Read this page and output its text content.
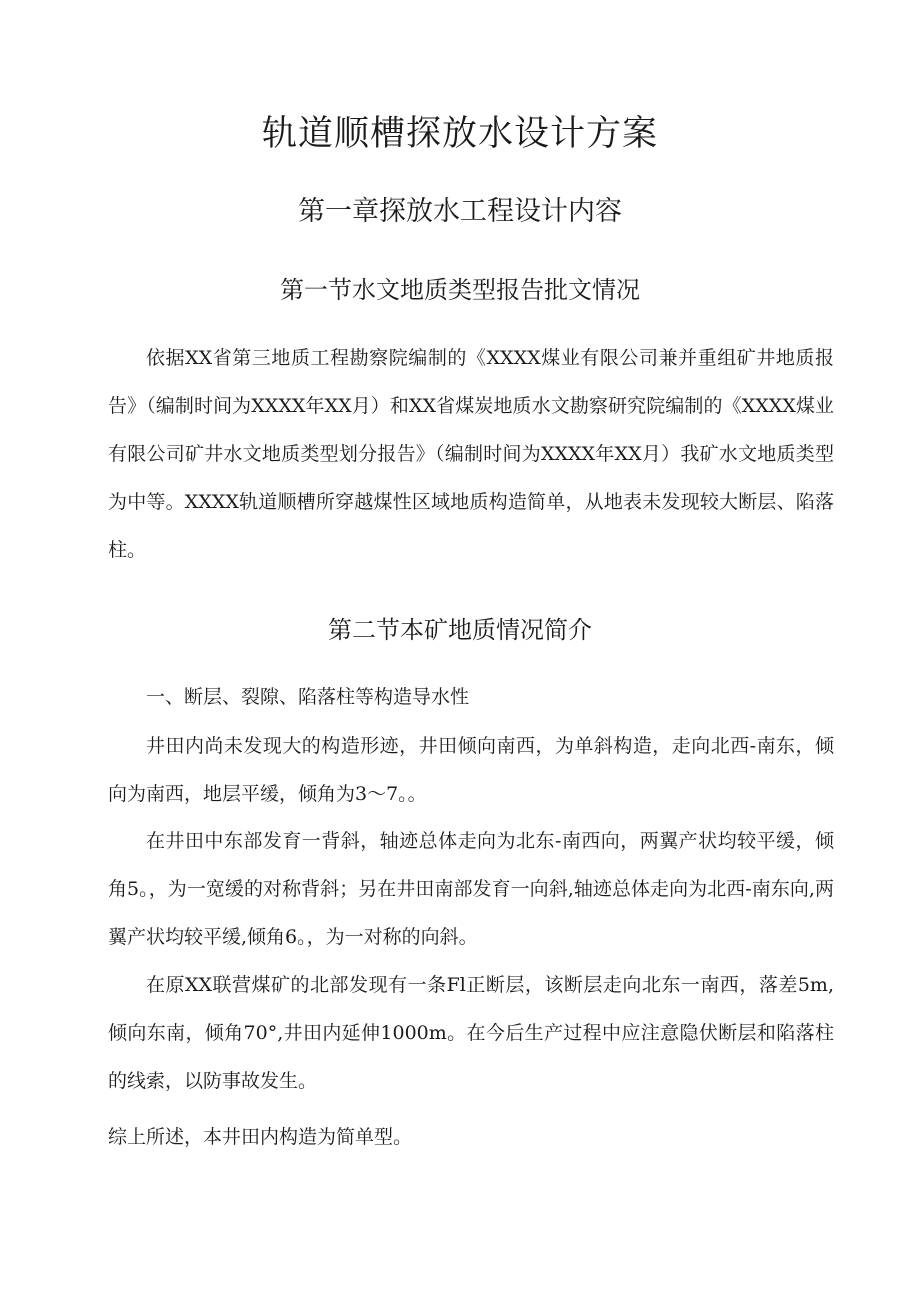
轨道顺槽探放水设计方案
第一章探放水工程设计内容
第一节水文地质类型报告批文情况

依据XX省第三地质工程勘察院编制的《XXXX煤业有限公司兼并重组矿井地质报告》（编制时间为XXXX年XX月）和XX省煤炭地质水文勘察研究院编制的《XXXX煤业有限公司矿井水文地质类型划分报告》（编制时间为XXXX年XX月）我矿水文地质类型为中等。XXXX轨道顺槽所穿越煤性区域地质构造简单，从地表未发现较大断层、陷落柱。

第二节本矿地质情况简介

一、断层、裂隙、陷落柱等构造导水性

井田内尚未发现大的构造形迹，井田倾向南西，为单斜构造，走向北西-南东，倾向为南西，地层平缓，倾角为3～7。。

在井田中东部发育一背斜，轴迹总体走向为北东-南西向，两翼产状均较平缓，倾角5。，为一宽缓的对称背斜；另在井田南部发育一向斜,轴迹总体走向为北西-南东向,两翼产状均较平缓,倾角6。，为一对称的向斜。

在原XX联营煤矿的北部发现有一条Fl正断层，该断层走向北东一南西，落差5m,倾向东南，倾角70°,井田内延伸1000m。在今后生产过程中应注意隐伏断层和陷落柱的线索，以防事故发生。

综上所述，本井田内构造为简单型。
